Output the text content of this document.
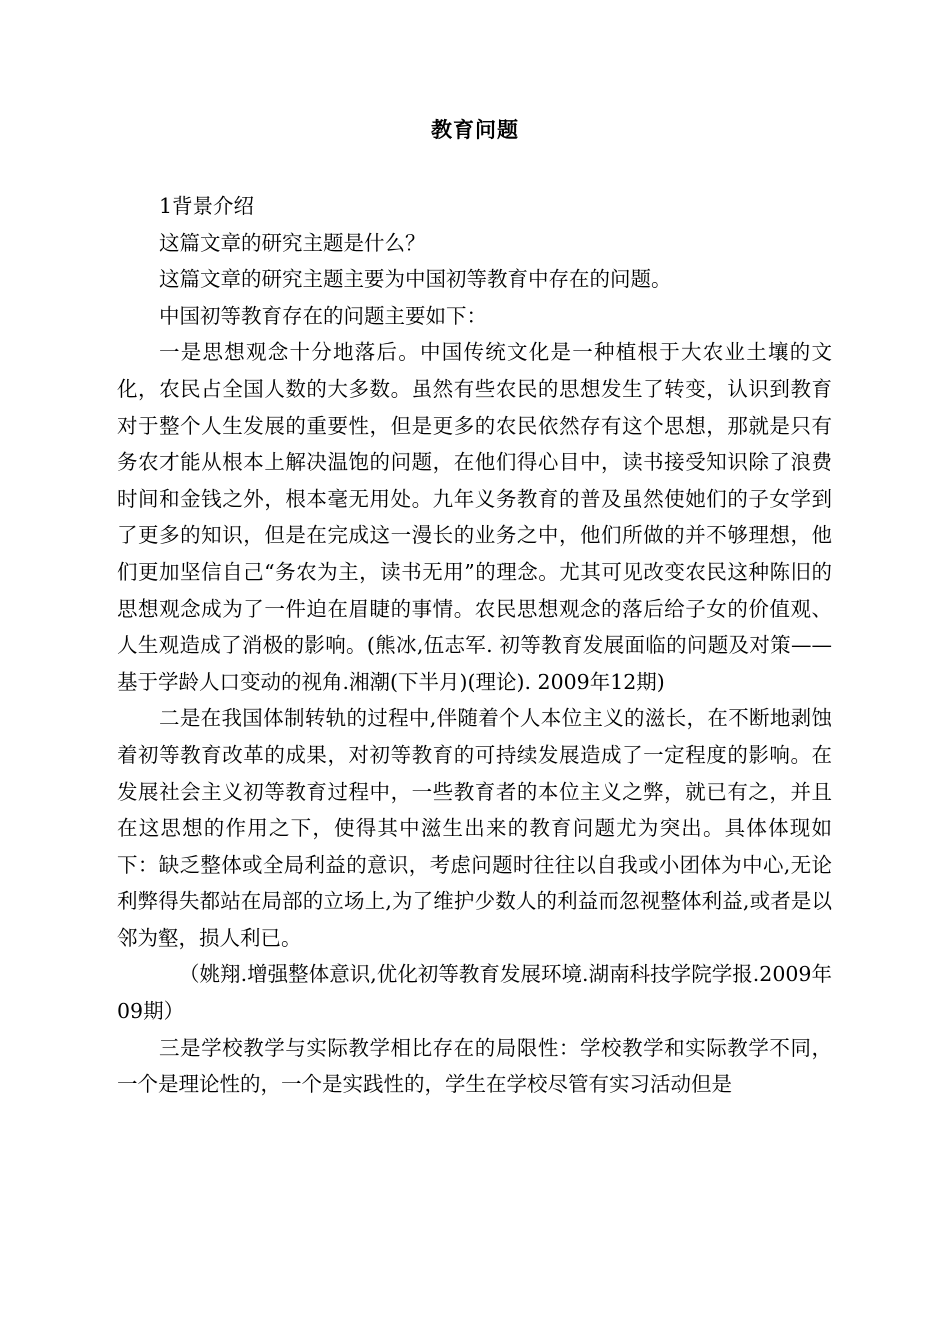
教育问题

1背景介绍

这篇文章的研究主题是什么？

这篇文章的研究主题主要为中国初等教育中存在的问题。

中国初等教育存在的问题主要如下：

一是思想观念十分地落后。中国传统文化是一种植根于大农业土壤的文化，农民占全国人数的大多数。虽然有些农民的思想发生了转变，认识到教育对于整个人生发展的重要性，但是更多的农民依然存有这个思想，那就是只有务农才能从根本上解决温饱的问题，在他们得心目中，读书接受知识除了浪费时间和金钱之外，根本毫无用处。九年义务教育的普及虽然使她们的子女学到了更多的知识，但是在完成这一漫长的业务之中，他们所做的并不够理想，他们更加坚信自己“务农为主，读书无用”的理念。尤其可见改变农民这种陈旧的思想观念成为了一件迫在眉睫的事情。农民思想观念的落后给子女的价值观、人生观造成了消极的影响。(熊冰,伍志军. 初等教育发展面临的问题及对策——基于学龄人口变动的视角.湘潮(下半月)(理论). 2009年12期)

二是在我国体制转轨的过程中,伴随着个人本位主义的滋长，在不断地剥蚀着初等教育改革的成果，对初等教育的可持续发展造成了一定程度的影响。在发展社会主义初等教育过程中，一些教育者的本位主义之弊，就已有之，并且在这思想的作用之下，使得其中滋生出来的教育问题尤为突出。具体体现如下：缺乏整体或全局利益的意识，考虑问题时往往以自我或小团体为中心,无论利弊得失都站在局部的立场上,为了维护少数人的利益而忽视整体利益,或者是以邻为壑，损人利已。

（姚翔.增强整体意识,优化初等教育发展环境.湖南科技学院学报.2009年09期）

三是学校教学与实际教学相比存在的局限性：学校教学和实际教学不同，一个是理论性的，一个是实践性的，学生在学校尽管有实习活动但是
